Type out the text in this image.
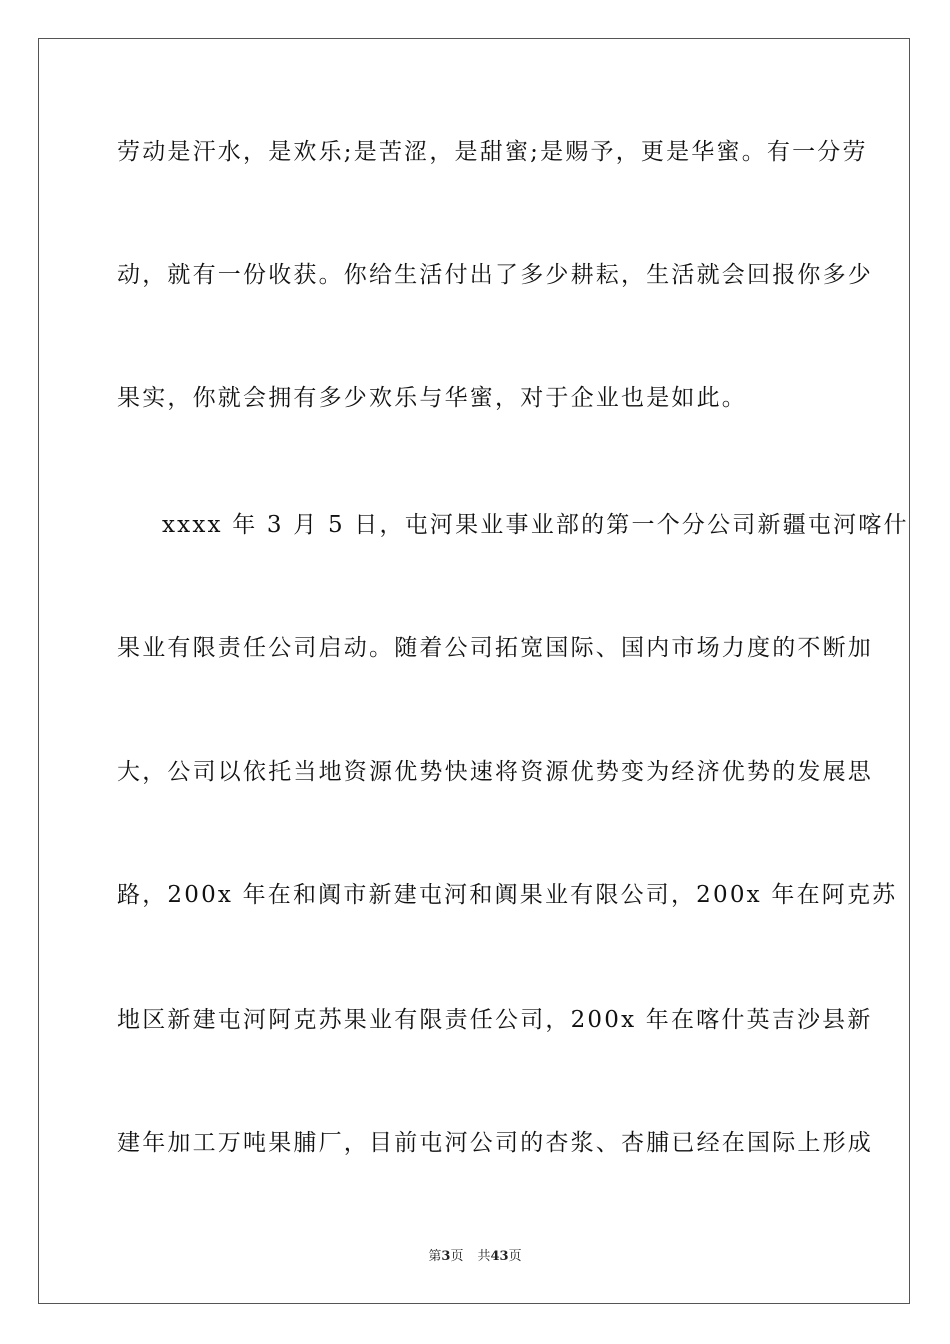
劳动是汗水，是欢乐;是苦涩，是甜蜜;是赐予，更是华蜜。有一分劳
动，就有一份收获。你给生活付出了多少耕耘，生活就会回报你多少
果实，你就会拥有多少欢乐与华蜜，对于企业也是如此。
xxxx 年 3 月 5 日，屯河果业事业部的第一个分公司新疆屯河喀什
果业有限责任公司启动。随着公司拓宽国际、国内市场力度的不断加
大，公司以依托当地资源优势快速将资源优势变为经济优势的发展思
路，200x 年在和阗市新建屯河和阗果业有限公司，200x 年在阿克苏
地区新建屯河阿克苏果业有限责任公司，200x 年在喀什英吉沙县新
建年加工万吨果脯厂，目前屯河公司的杏浆、杏脯已经在国际上形成
第3页 共43页
